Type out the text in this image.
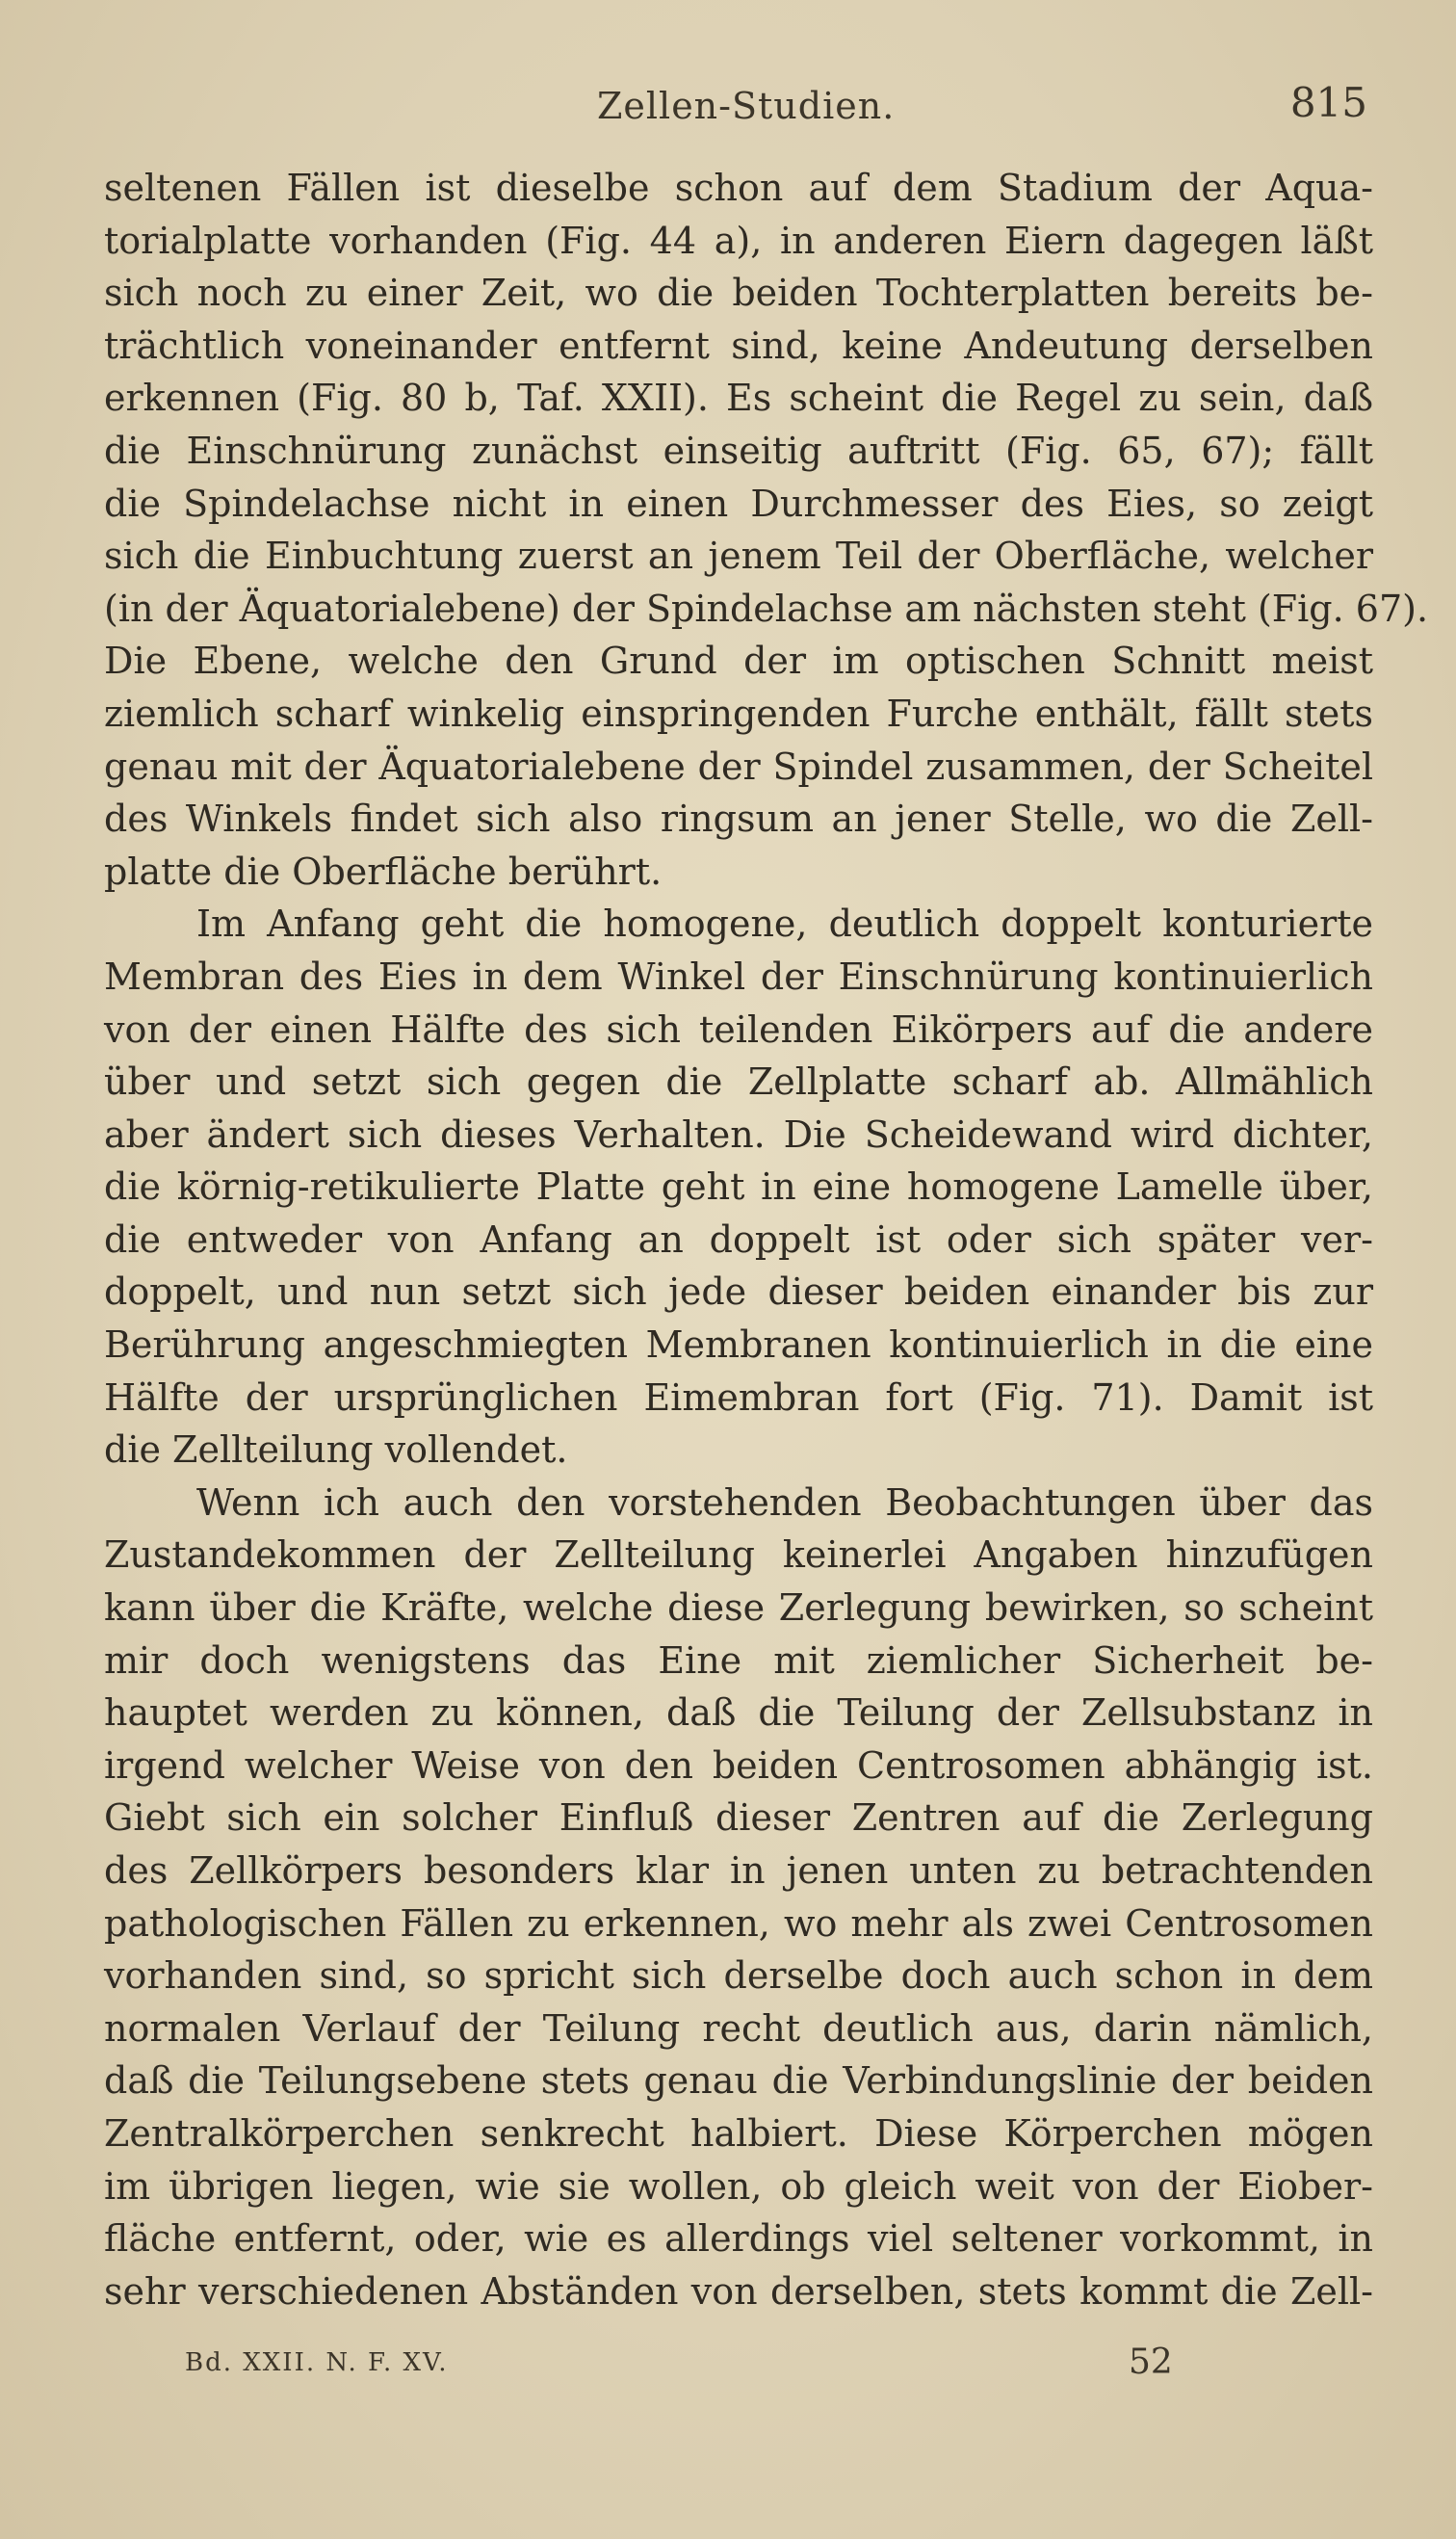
Zellen-Studien.	815
seltenen Fällen ist dieselbe schon auf dem Stadium der Aqua-
torialplatte vorhanden (Fig. 44 a), in anderen Eiern dagegen läßt
sich noch zu einer Zeit, wo die beiden Tochterplatten bereits be-
trächtlich voneinander entfernt sind, keine Andeutung derselben
erkennen (Fig. 80 b, Taf. XXII). Es scheint die Regel zu sein, daß
die Einschnürung zunächst einseitig auftritt (Fig. 65, 67); fällt
die Spindelachse nicht in einen Durchmesser des Eies, so zeigt
sich die Einbuchtung zuerst an jenem Teil der Oberfläche, welcher
(in der Äquatorialebene) der Spindelachse am nächsten steht (Fig. 67).
Die Ebene, welche den Grund der im optischen Schnitt meist
ziemlich scharf winkelig einspringenden Furche enthält, fällt stets
genau mit der Äquatorialebene der Spindel zusammen, der Scheitel
des Winkels findet sich also ringsum an jener Stelle, wo die Zell-
platte die Oberfläche berührt.
Im Anfang geht die homogene, deutlich doppelt konturierte
Membran des Eies in dem Winkel der Einschnürung kontinuierlich
von der einen Hälfte des sich teilenden Eikörpers auf die andere
über und setzt sich gegen die Zellplatte scharf ab. Allmählich
aber ändert sich dieses Verhalten. Die Scheidewand wird dichter,
die körnig-retikulierte Platte geht in eine homogene Lamelle über,
die entweder von Anfang an doppelt ist oder sich später ver-
doppelt, und nun setzt sich jede dieser beiden einander bis zur
Berührung angeschmiegten Membranen kontinuierlich in die eine
Hälfte der ursprünglichen Eimembran fort (Fig. 71). Damit ist
die Zellteilung vollendet.
Wenn ich auch den vorstehenden Beobachtungen über das
Zustandekommen der Zellteilung keinerlei Angaben hinzufügen
kann über die Kräfte, welche diese Zerlegung bewirken, so scheint
mir doch wenigstens das Eine mit ziemlicher Sicherheit be-
hauptet werden zu können, daß die Teilung der Zellsubstanz in
irgend welcher Weise von den beiden Centrosomen abhängig ist.
Giebt sich ein solcher Einfluß dieser Zentren auf die Zerlegung
des Zellkörpers besonders klar in jenen unten zu betrachtenden
pathologischen Fällen zu erkennen, wo mehr als zwei Centrosomen
vorhanden sind, so spricht sich derselbe doch auch schon in dem
normalen Verlauf der Teilung recht deutlich aus, darin nämlich,
daß die Teilungsebene stets genau die Verbindungslinie der beiden
Zentralkörperchen senkrecht halbiert. Diese Körperchen mögen
im übrigen liegen, wie sie wollen, ob gleich weit von der Eiober-
fläche entfernt, oder, wie es allerdings viel seltener vorkommt, in
sehr verschiedenen Abständen von derselben, stets kommt die Zell-
Bd. XXII. N. F. XV.	52
